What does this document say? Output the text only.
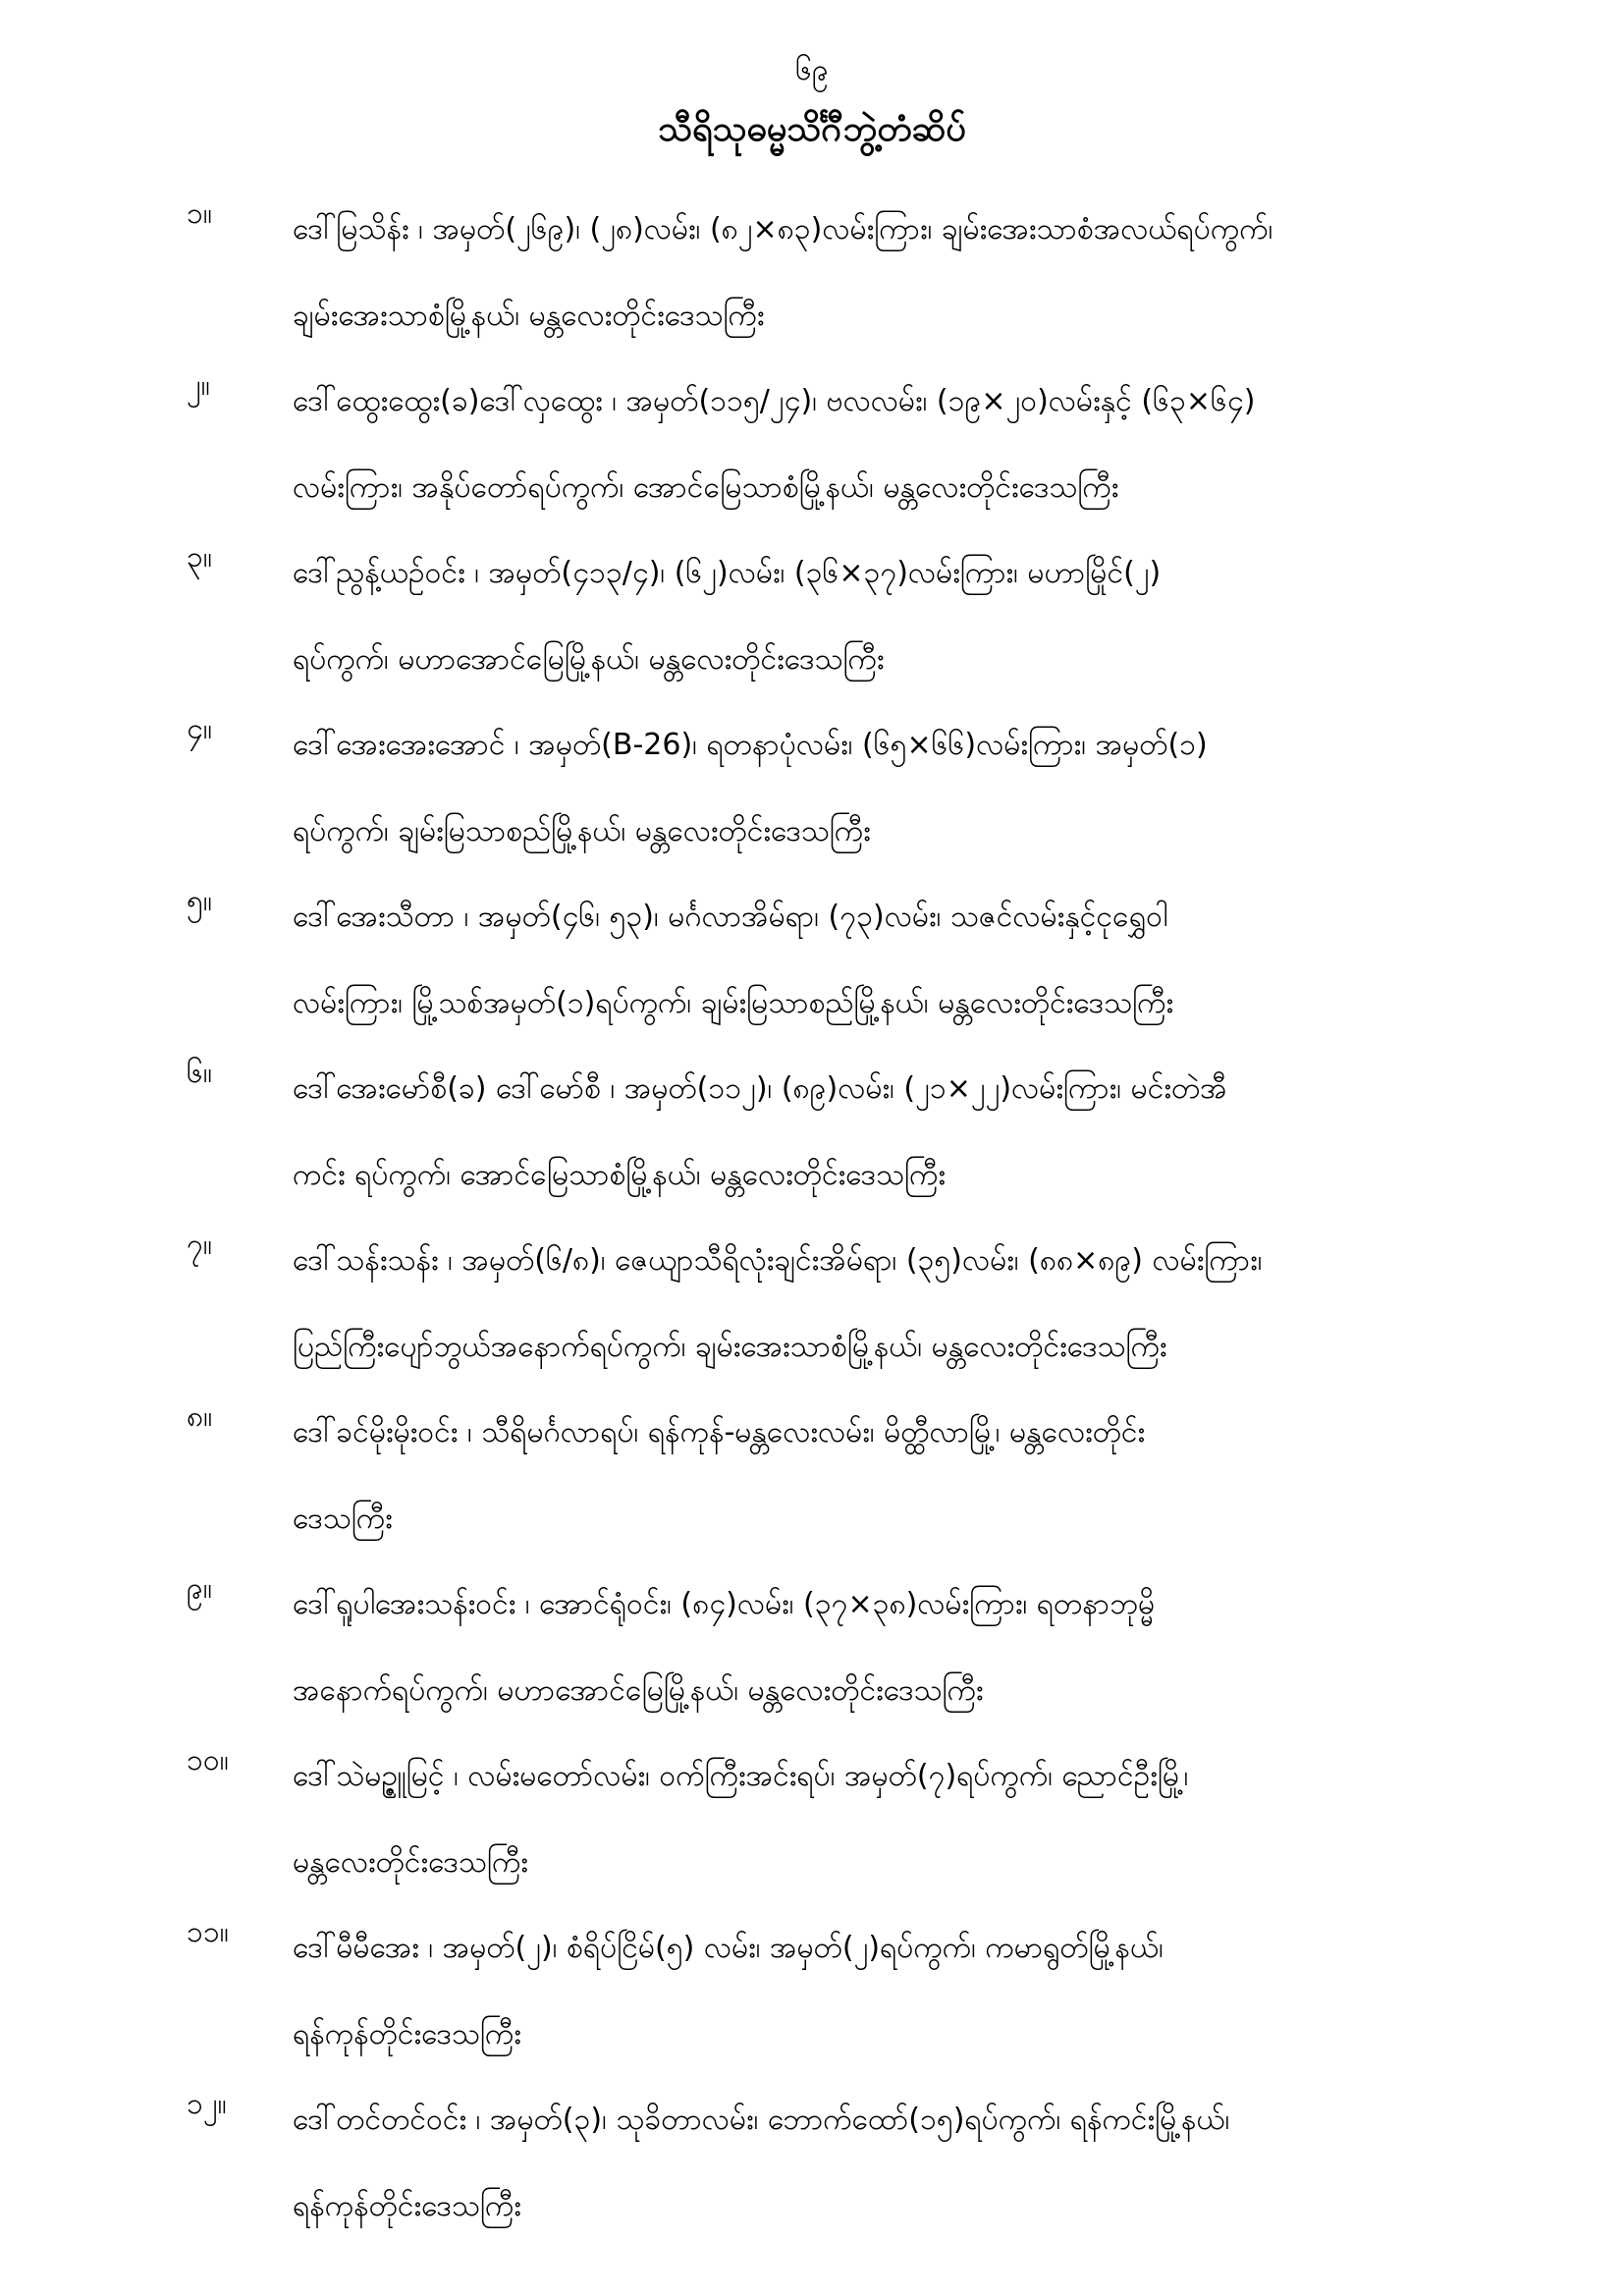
၆၉
သီရိသုဓမ္မသိင်္ဂီဘွဲ့တံဆိပ်
၁။	ဒေါ်မြသိန်း ၊ အမှတ်(၂၆၉)၊ (၂၈)လမ်း၊ (၈၂×၈၃)လမ်းကြား၊ ချမ်းအေးသာစံအလယ်ရပ်ကွက်၊
ချမ်းအေးသာစံမြို့နယ်၊ မန္တလေးတိုင်းဒေသကြီး
၂။	ဒေါ်ထွေးထွေး(ခ)ဒေါ်လှထွေး ၊ အမှတ်(၁၁၅/၂၄)၊ ဗလလမ်း၊ (၁၉×၂၀)လမ်းနှင့် (၆၃×၆၄)
လမ်းကြား၊ အနိုပ်တော်ရပ်ကွက်၊ အောင်မြေသာစံမြို့နယ်၊ မန္တလေးတိုင်းဒေသကြီး
၃။	ဒေါ်ညွန့်ယဉ်ဝင်း ၊ အမှတ်(၄၁၃/၄)၊ (၆၂)လမ်း၊ (၃၆×၃၇)လမ်းကြား၊ မဟာမြိုင်(၂)
ရပ်ကွက်၊ မဟာအောင်မြေမြို့နယ်၊ မန္တလေးတိုင်းဒေသကြီး
၄။	ဒေါ်အေးအေးအောင် ၊ အမှတ်(B-26)၊ ရတနာပုံလမ်း၊ (၆၅×၆၆)လမ်းကြား၊ အမှတ်(၁)
ရပ်ကွက်၊ ချမ်းမြသာစည်မြို့နယ်၊ မန္တလေးတိုင်းဒေသကြီး
၅။	ဒေါ်အေးသီတာ ၊ အမှတ်(၄၆၊ ၅၃)၊ မင်္ဂလာအိမ်ရာ၊ (၇၃)လမ်း၊ သဇင်လမ်းနှင့်ငုရွှေဝါ
လမ်းကြား၊ မြို့သစ်အမှတ်(၁)ရပ်ကွက်၊ ချမ်းမြသာစည်မြို့နယ်၊ မန္တလေးတိုင်းဒေသကြီး
၆။	ဒေါ်အေးမော်စီ(ခ) ဒေါ်မော်စီ ၊ အမှတ်(၁၁၂)၊ (၈၉)လမ်း၊ (၂၁×၂၂)လမ်းကြား၊ မင်းတဲအီ
ကင်း ရပ်ကွက်၊ အောင်မြေသာစံမြို့နယ်၊ မန္တလေးတိုင်းဒေသကြီး
၇။	ဒေါ်သန်းသန်း ၊ အမှတ်(၆/၈)၊ ဇေယျာသီရိလုံးချင်းအိမ်ရာ၊ (၃၅)လမ်း၊ (၈၈×၈၉) လမ်းကြား၊
ပြည်ကြီးပျော်ဘွယ်အနောက်ရပ်ကွက်၊ ချမ်းအေးသာစံမြို့နယ်၊ မန္တလေးတိုင်းဒေသကြီး
၈။	ဒေါ်ခင်မိုးမိုးဝင်း ၊ သီရိမင်္ဂလာရပ်၊ ရန်ကုန်-မန္တလေးလမ်း၊ မိတ္ထီလာမြို့၊ မန္တလေးတိုင်း
ဒေသကြီး
၉။	ဒေါ်ရူပါအေးသန်းဝင်း ၊ အောင်ရုံဝင်း၊ (၈၄)လမ်း၊ (၃၇×၃၈)လမ်းကြား၊ ရတနာဘုမ္မိ
အနောက်ရပ်ကွက်၊ မဟာအောင်မြေမြို့နယ်၊ မန္တလေးတိုင်းဒေသကြီး
၁၀။	ဒေါ်သဲမဥ္ဇူမြင့် ၊ လမ်းမတော်လမ်း၊ ဝက်ကြီးအင်းရပ်၊ အမှတ်(၇)ရပ်ကွက်၊ ညောင်ဦးမြို့၊
မန္တလေးတိုင်းဒေသကြီး
၁၁။	ဒေါ်မီမီအေး ၊ အမှတ်(၂)၊ စံရိပ်ငြိမ်(၅) လမ်း၊ အမှတ်(၂)ရပ်ကွက်၊ ကမာရွတ်မြို့နယ်၊
ရန်ကုန်တိုင်းဒေသကြီး
၁၂။	ဒေါ်တင်တင်ဝင်း ၊ အမှတ်(၃)၊ သုခိတာလမ်း၊ ဘောက်ထော်(၁၅)ရပ်ကွက်၊ ရန်ကင်းမြို့နယ်၊
ရန်ကုန်တိုင်းဒေသကြီး
